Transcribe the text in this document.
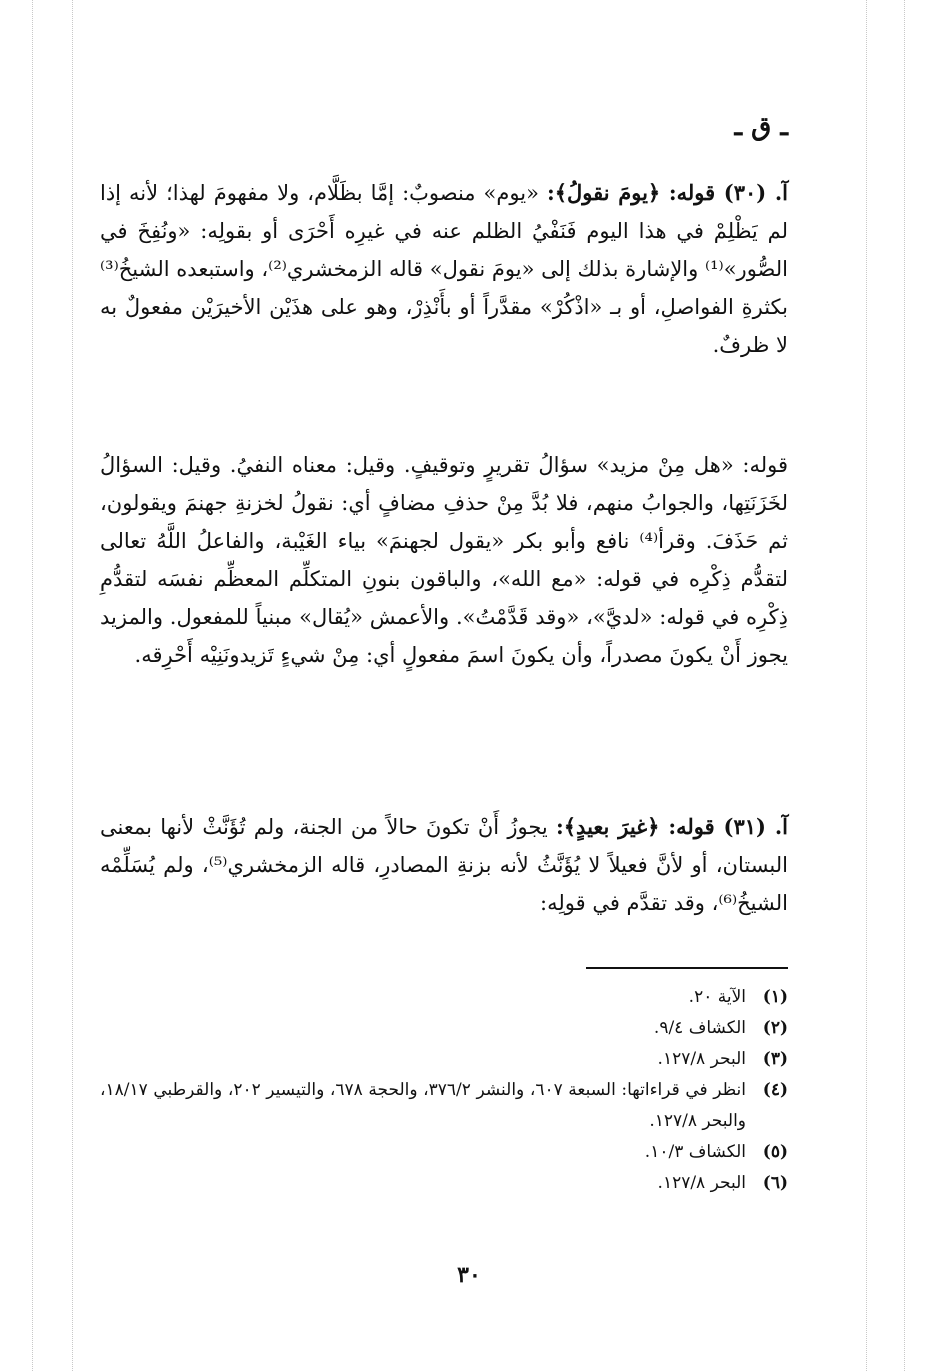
ـ ق ـ
آ. (٣٠) قوله: ﴿يومَ نقولُ﴾: «يوم» منصوبٌ: إمَّا بظَلَّام، ولا مفهومَ لهذا؛ لأنه إذا لم يَظْلِمْ في هذا اليوم فَنَفْيُ الظلم عنه في غيرِه أَحْرَى أو بقولِه: «ونُفِخَ في الصُّور»⁽¹⁾ والإشارة بذلك إلى «يومَ نقول» قاله الزمخشري⁽²⁾، واستبعده الشيخُ⁽³⁾ بكثرةِ الفواصلِ، أو بـ «اذْكُرْ» مقدَّراً أو بأَنْذِرْ، وهو على هذَيْن الأخيرَيْن مفعولٌ به لا ظرفٌ.
قوله: «هل مِنْ مزيد» سؤالُ تقريرٍ وتوقيفٍ. وقيل: معناه النفيُ. وقيل: السؤالُ لخَزَنَتِها، والجوابُ منهم، فلا بُدَّ مِنْ حذفِ مضافٍ أي: نقولُ لخزنةِ جهنمَ ويقولون، ثم حَذَفَ. وقرأ⁽⁴⁾ نافع وأبو بكر «يقول لجهنمَ» بياء الغَيْبة، والفاعلُ اللَّهُ تعالى لتقدُّم ذِكْرِه في قوله: «مع الله»، والباقون بنونِ المتكلِّم المعظِّم نفسَه لتقدُّمِ ذِكْرِه في قوله: «لديَّ»، «وقد قَدَّمْتُ». والأعمش «يُقال» مبنياً للمفعول. والمزيد يجوز أَنْ يكونَ مصدراً، وأن يكونَ اسمَ مفعولٍ أي: مِنْ شيءٍ تَزيدونَنِيْه أَحْرِقه.
آ. (٣١) قوله: ﴿غيرَ بعيدٍ﴾: يجوزُ أَنْ تكونَ حالاً من الجنة، ولم تُؤَنَّثْ لأنها بمعنى البستان، أو لأنَّ فعيلاً لا يُؤَنَّثُ لأنه بزنةِ المصادرِ، قاله الزمخشري⁽⁵⁾، ولم يُسَلِّمْه الشيخُ⁽⁶⁾، وقد تقدَّم في قولِه:
(١)
الآية ٢٠.
(٢)
الكشاف ٩/٤.
(٣)
البحر ١٢٧/٨.
(٤)
انظر في قراءاتها: السبعة ٦٠٧، والنشر ٣٧٦/٢، والحجة ٦٧٨، والتيسير ٢٠٢، والقرطبي ١٨/١٧، والبحر ١٢٧/٨.
(٥)
الكشاف ١٠/٣.
(٦)
البحر ١٢٧/٨.
٣٠
